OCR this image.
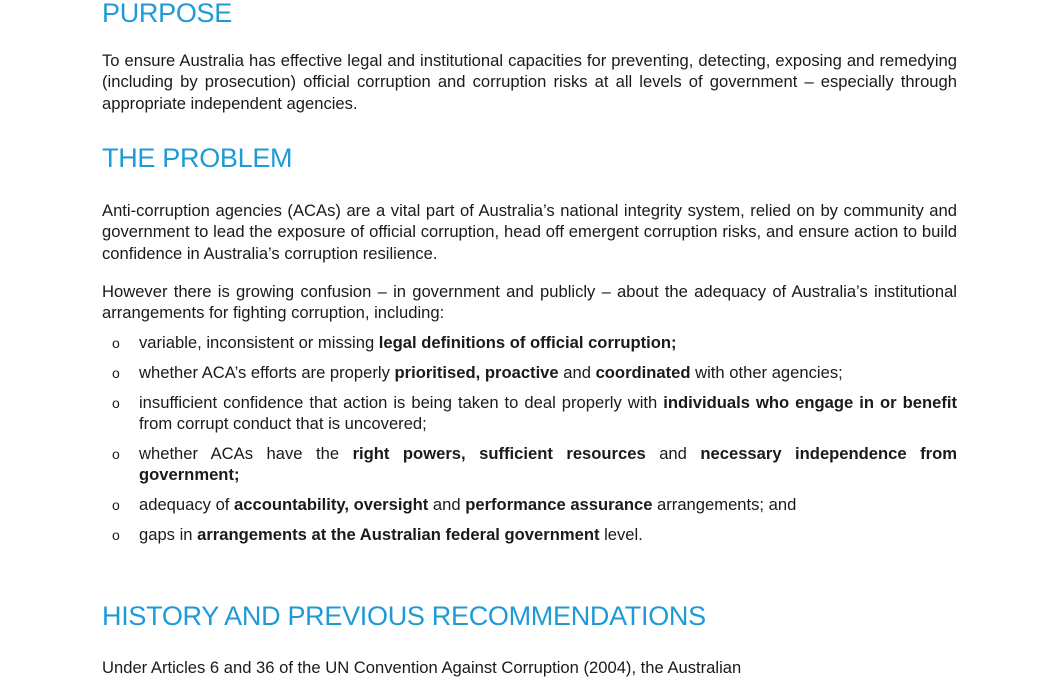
PURPOSE

To ensure Australia has effective legal and institutional capacities for preventing, detecting, exposing and remedying (including by prosecution) official corruption and corruption risks at all levels of government – especially through appropriate independent agencies.

THE PROBLEM

Anti-corruption agencies (ACAs) are a vital part of Australia’s national integrity system, relied on by community and government to lead the exposure of official corruption, head off emergent corruption risks, and ensure action to build confidence in Australia’s corruption resilience.

However there is growing confusion – in government and publicly – about the adequacy of Australia’s institutional arrangements for fighting corruption, including:

o variable, inconsistent or missing legal definitions of official corruption;
o whether ACA’s efforts are properly prioritised, proactive and coordinated with other agencies;
o insufficient confidence that action is being taken to deal properly with individuals who engage in or benefit from corrupt conduct that is uncovered;
o whether ACAs have the right powers, sufficient resources and necessary independence from government;
o adequacy of accountability, oversight and performance assurance arrangements; and
o gaps in arrangements at the Australian federal government level.
HISTORY AND PREVIOUS RECOMMENDATIONS

Under Articles 6 and 36 of the UN Convention Against Corruption (2004), the Australian
